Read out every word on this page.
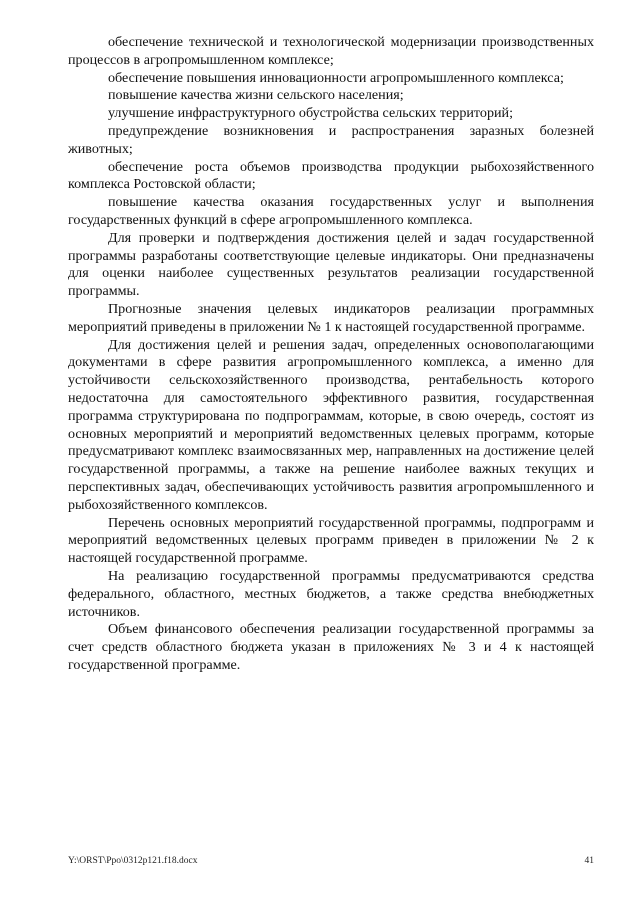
обеспечение технической и технологической модернизации производственных процессов в агропромышленном комплексе;

обеспечение повышения инновационности агропромышленного комплекса;

повышение качества жизни сельского населения;

улучшение инфраструктурного обустройства сельских территорий;

предупреждение возникновения и распространения заразных болезней животных;

обеспечение роста объемов производства продукции рыбохозяйственного комплекса Ростовской области;

повышение качества оказания государственных услуг и выполнения государственных функций в сфере агропромышленного комплекса.

Для проверки и подтверждения достижения целей и задач государственной программы разработаны соответствующие целевые индикаторы. Они предназначены для оценки наиболее существенных результатов реализации государственной программы.

Прогнозные значения целевых индикаторов реализации программных мероприятий приведены в приложении № 1 к настоящей государственной программе.

Для достижения целей и решения задач, определенных основополагающими документами в сфере развития агропромышленного комплекса, а именно для устойчивости сельскохозяйственного производства, рентабельность которого недостаточна для самостоятельного эффективного развития, государственная программа структурирована по подпрограммам, которые, в свою очередь, состоят из основных мероприятий и мероприятий ведомственных целевых программ, которые предусматривают комплекс взаимосвязанных мер, направленных на достижение целей государственной программы, а также на решение наиболее важных текущих и перспективных задач, обеспечивающих устойчивость развития агропромышленного и рыбохозяйственного комплексов.

Перечень основных мероприятий государственной программы, подпрограмм и мероприятий ведомственных целевых программ приведен в приложении № 2 к настоящей государственной программе.

На реализацию государственной программы предусматриваются средства федерального, областного, местных бюджетов, а также средства внебюджетных источников.

Объем финансового обеспечения реализации государственной программы за счет средств областного бюджета указан в приложениях № 3 и 4 к настоящей государственной программе.

Y:\ORST\Ppo\0312p121.f18.docx	41
